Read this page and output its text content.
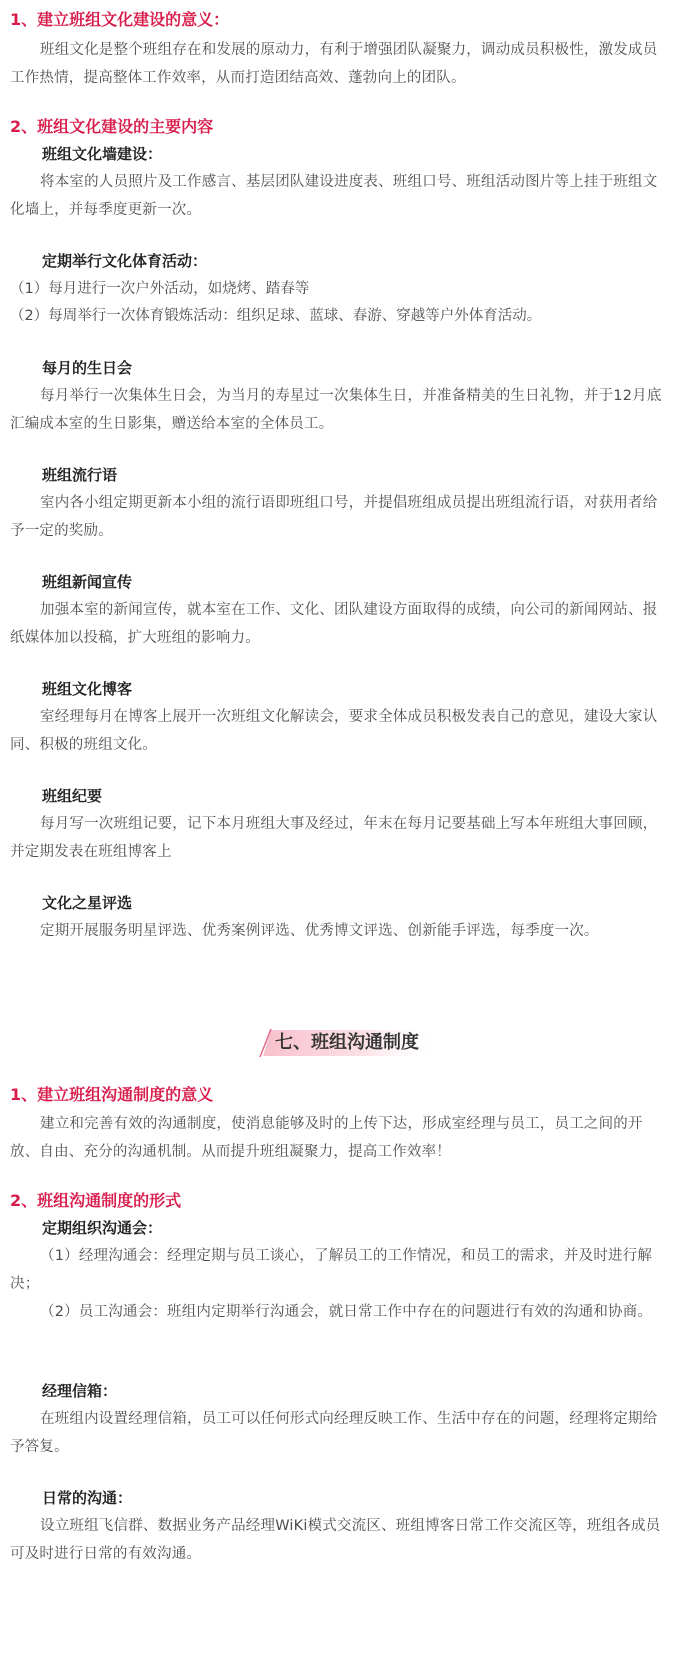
1、建立班组文化建设的意义：

班组文化是整个班组存在和发展的原动力，有利于增强团队凝聚力，调动成员积极性，激发成员工作热情，提高整体工作效率，从而打造团结高效、蓬勃向上的团队。

2、班组文化建设的主要内容
班组文化墙建设：

将本室的人员照片及工作感言、基层团队建设进度表、班组口号、班组活动图片等上挂于班组文化墙上，并每季度更新一次。

定期举行文化体育活动：

（1）每月进行一次户外活动，如烧烤、踏春等

（2）每周举行一次体育锻炼活动：组织足球、蓝球、春游、穿越等户外体育活动。

每月的生日会

每月举行一次集体生日会，为当月的寿星过一次集体生日，并准备精美的生日礼物，并于12月底汇编成本室的生日影集，赠送给本室的全体员工。

班组流行语

室内各小组定期更新本小组的流行语即班组口号，并提倡班组成员提出班组流行语，对获用者给予一定的奖励。

班组新闻宣传

加强本室的新闻宣传，就本室在工作、文化、团队建设方面取得的成绩，向公司的新闻网站、报纸媒体加以投稿，扩大班组的影响力。

班组文化博客

室经理每月在博客上展开一次班组文化解读会，要求全体成员积极发表自己的意见，建设大家认同、积极的班组文化。

班组纪要

每月写一次班组记要，记下本月班组大事及经过，年末在每月记要基础上写本年班组大事回顾，并定期发表在班组博客上

文化之星评选

定期开展服务明星评选、优秀案例评选、优秀博文评选、创新能手评选，每季度一次。

七、班组沟通制度
1、建立班组沟通制度的意义

建立和完善有效的沟通制度，使消息能够及时的上传下达，形成室经理与员工，员工之间的开放、自由、充分的沟通机制。从而提升班组凝聚力，提高工作效率！

2、班组沟通制度的形式
定期组织沟通会：

（1）经理沟通会：经理定期与员工谈心，了解员工的工作情况，和员工的需求，并及时进行解决；

（2）员工沟通会：班组内定期举行沟通会，就日常工作中存在的问题进行有效的沟通和协商。

经理信箱：

在班组内设置经理信箱，员工可以任何形式向经理反映工作、生活中存在的问题，经理将定期给予答复。

日常的沟通：

设立班组飞信群、数据业务产品经理WiKi模式交流区、班组博客日常工作交流区等，班组各成员可及时进行日常的有效沟通。
